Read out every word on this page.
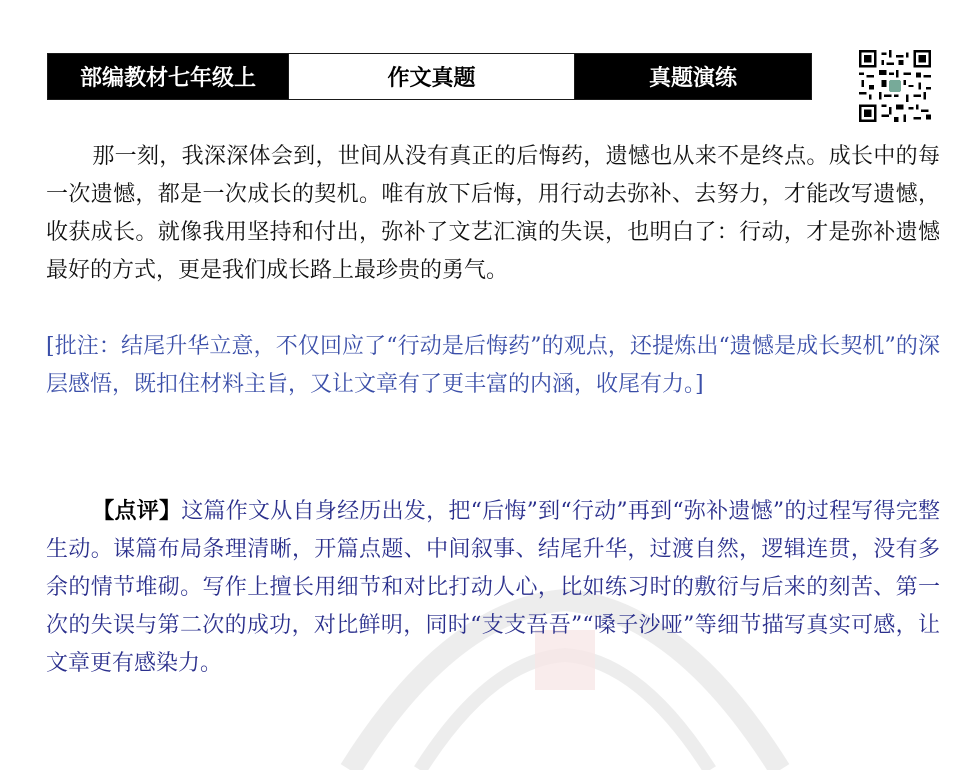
部编教材七年级上	作文真题	真题演练
那一刻，我深深体会到，世间从没有真正的后悔药，遗憾也从来不是终点。成长中的每一次遗憾，都是一次成长的契机。唯有放下后悔，用行动去弥补、去努力，才能改写遗憾，收获成长。就像我用坚持和付出，弥补了文艺汇演的失误，也明白了：行动，才是弥补遗憾最好的方式，更是我们成长路上最珍贵的勇气。
[批注：结尾升华立意，不仅回应了“行动是后悔药”的观点，还提炼出“遗憾是成长契机”的深层感悟，既扣住材料主旨，又让文章有了更丰富的内涵，收尾有力。]
【点评】这篇作文从自身经历出发，把“后悔”到“行动”再到“弥补遗憾”的过程写得完整生动。谋篇布局条理清晰，开篇点题、中间叙事、结尾升华，过渡自然，逻辑连贯，没有多余的情节堆砌。写作上擅长用细节和对比打动人心，比如练习时的敷衍与后来的刻苦、第一次的失误与第二次的成功，对比鲜明，同时“支支吾吾”“嗓子沙哑”等细节描写真实可感，让文章更有感染力。
